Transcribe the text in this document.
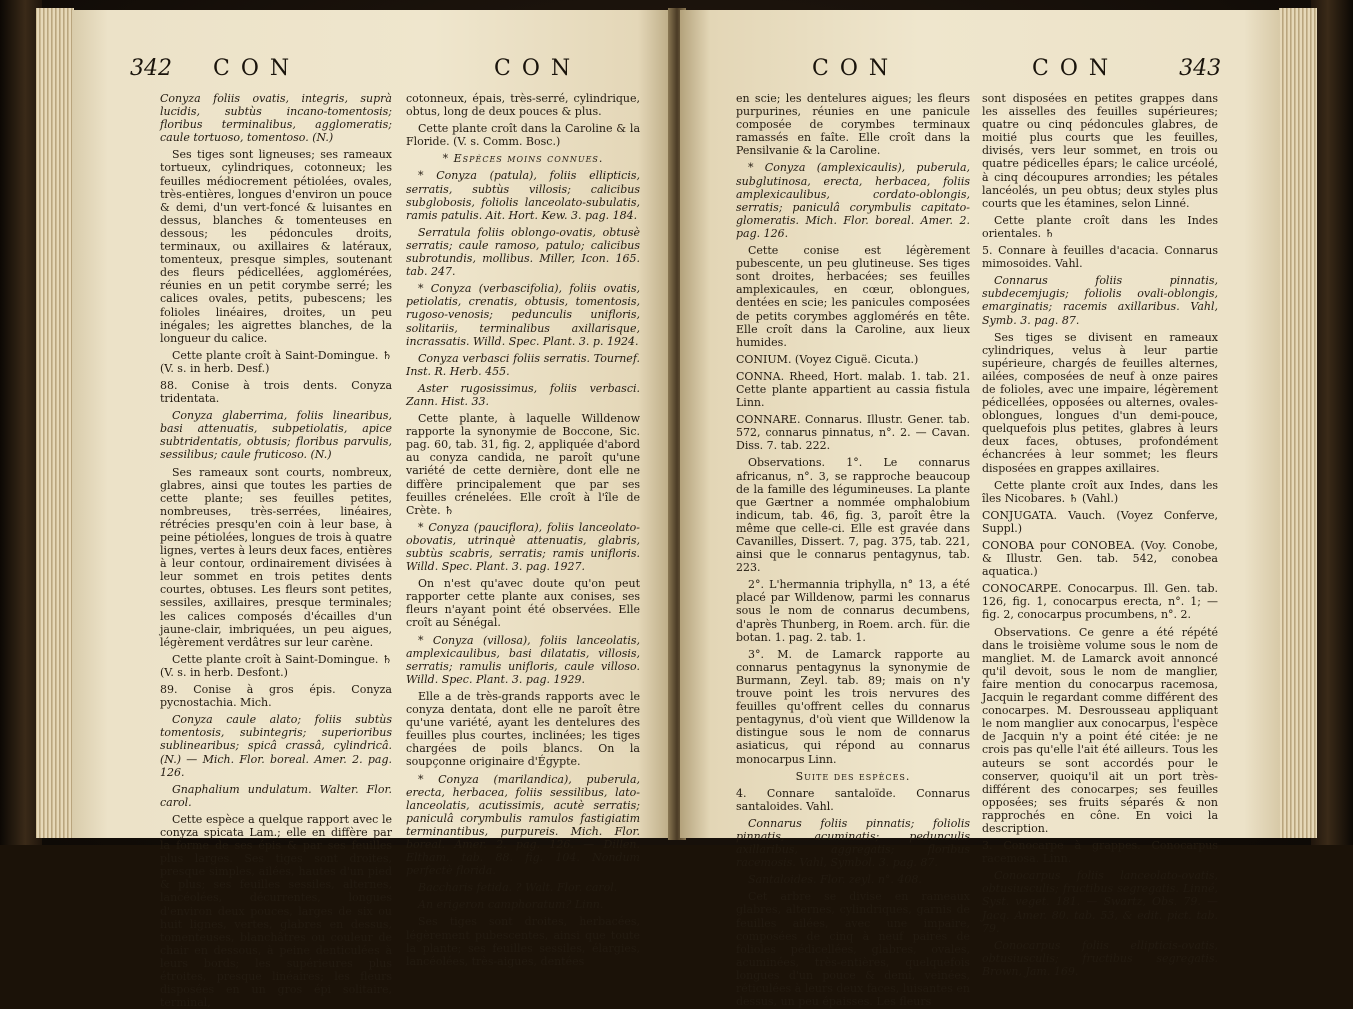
342 C O N	C O N

Conyza foliis ovatis, integris, suprà lucidis, subtùs incano-tomentosis; floribus terminalibus, agglomeratis; caule tortuoso, tomentoso. (N.)

Ses tiges sont ligneuses; ses rameaux tortueux, cylindriques, cotonneux; les feuilles médiocrement pétiolées, ovales, très-entières, longues d'environ un pouce & demi, d'un vert-foncé & luisantes en dessus, blanches & tomenteuses en dessous; les pédoncules droits, terminaux, ou axillaires & latéraux, tomenteux, presque simples, soutenant des fleurs pédicellées, agglomérées, réunies en un petit corymbe serré; les calices ovales, petits, pubescens; les folioles linéaires, droites, un peu inégales; les aigrettes blanches, de la longueur du calice.

Cette plante croît à Saint-Domingue. ♄ (V. s. in herb. Desf.)

88. Conise à trois dents. Conyza tridentata.

Conyza glaberrima, foliis linearibus, basi attenuatis, subpetiolatis, apice subtridentatis, obtusis; floribus parvulis, sessilibus; caule fruticoso. (N.)

Ses rameaux sont courts, nombreux, glabres, ainsi que toutes les parties de cette plante; ses feuilles petites, nombreuses, très-serrées, linéaires, rétrécies presqu'en coin à leur base, à peine pétiolées, longues de trois à quatre lignes, vertes à leurs deux faces, entières à leur contour, ordinairement divisées à leur sommet en trois petites dents courtes, obtuses. Les fleurs sont petites, sessiles, axillaires, presque terminales; les calices composés d'écailles d'un jaune-clair, imbriquées, un peu aigues, légèrement verdâtres sur leur carène.

Cette plante croît à Saint-Domingue. ♄ (V. s. in herb. Desfont.)

89. Conise à gros épis. Conyza pycnostachia. Mich.

Conyza caule alato; foliis subtùs tomentosis, subintegris; superioribus sublinearibus; spicâ crassâ, cylindricâ. (N.) — Mich. Flor. boreal. Amer. 2. pag. 126.

Gnaphalium undulatum. Walter. Flor. carol.

Cette espèce a quelque rapport avec le conyza spicata Lam.; elle en diffère par la forme de ses épis & par ses feuilles plus larges. Ses tiges sont droites, presque simples, ailées, hautes d'un pied & plus; ses feuilles sessiles, alternes, lancéolées, décurrentes, longues d'environ deux pouces, larges de six ou huit lignes, vertes, glabres en dessus, tomenteuses, blanchâtres ou couleur de chair en dessous, à peine denticulées à leurs bords; les supérieures plus étroites, presque linéaires; les fleurs disposées en un gros épi solitaire, terminal,

cotonneux, épais, très-serré, cylindrique, obtus, long de deux pouces & plus.

Cette plante croît dans la Caroline & la Floride. (V. s. Comm. Bosc.)

* Espèces moins connues.

* Conyza (patula), foliis ellipticis, serratis, subtùs villosis; calicibus subglobosis, foliolis lanceolato-subulatis, ramis patulis. Ait. Hort. Kew. 3. pag. 184.

Serratula foliis oblongo-ovatis, obtusè serratis; caule ramoso, patulo; calicibus subrotundis, mollibus. Miller, Icon. 165. tab. 247.

* Conyza (verbascifolia), foliis ovatis, petiolatis, crenatis, obtusis, tomentosis, rugoso-venosis; pedunculis unifloris, solitariis, terminalibus axillarisque, incrassatis. Willd. Spec. Plant. 3. p. 1924.

Conyza verbasci foliis serratis. Tournef. Inst. R. Herb. 455.

Aster rugosissimus, foliis verbasci. Zann. Hist. 33.

Cette plante, à laquelle Willdenow rapporte la synonymie de Boccone, Sic. pag. 60, tab. 31, fig. 2, appliquée d'abord au conyza candida, ne paroît qu'une variété de cette dernière, dont elle ne diffère principalement que par ses feuilles crénelées. Elle croît à l'île de Crète. ♄

* Conyza (pauciflora), foliis lanceolato-obovatis, utrinquè attenuatis, glabris, subtùs scabris, serratis; ramis unifloris. Willd. Spec. Plant. 3. pag. 1927.

On n'est qu'avec doute qu'on peut rapporter cette plante aux conises, ses fleurs n'ayant point été observées. Elle croît au Sénégal.

* Conyza (villosa), foliis lanceolatis, amplexicaulibus, basi dilatatis, villosis, serratis; ramulis unifloris, caule villoso. Willd. Spec. Plant. 3. pag. 1929.

Elle a de très-grands rapports avec le conyza dentata, dont elle ne paroît être qu'une variété, ayant les dentelures des feuilles plus courtes, inclinées; les tiges chargées de poils blancs. On la soupçonne originaire d'Égypte.

* Conyza (marilandica), puberula, erecta, herbacea, foliis sessilibus, lato-lanceolatis, acutissimis, acutè serratis; paniculâ corymbulis ramulos fastigiatim terminantibus, purpureis. Mich. Flor. boreal. Amer. 2. pag. 126. — Dillen. Eltham. tab. 88. fig. 104. Nondum perfectè florida.

Baccharis fetida. ? Walt. Flor. carol.

An erigeron camphoratum? Linn.

Ses tiges sont droites, herbacées, légèrement pubescentes, ainsi que toute la plante; ses feuilles sessiles, élargies, lancéolées, très-aigues, dentées

C O N	C O N	343

en scie; les dentelures aigues; les fleurs purpurines, réunies en une panicule composée de corymbes terminaux ramassés en faîte. Elle croît dans la Pensilvanie & la Caroline.

* Conyza (amplexicaulis), puberula, subglutinosa, erecta, herbacea, foliis amplexicaulibus, cordato-oblongis, serratis; paniculâ corymbulis capitato-glomeratis. Mich. Flor. boreal. Amer. 2. pag. 126.

Cette conise est légèrement pubescente, un peu glutineuse. Ses tiges sont droites, herbacées; ses feuilles amplexicaules, en cœur, oblongues, dentées en scie; les panicules composées de petits corymbes agglomérés en tête. Elle croît dans la Caroline, aux lieux humides.

CONIUM. (Voyez Ciguë. Cicuta.)

CONNA. Rheed, Hort. malab. 1. tab. 21. Cette plante appartient au cassia fistula Linn.

CONNARE. Connarus. Illustr. Gener. tab. 572, connarus pinnatus, n°. 2. — Cavan. Diss. 7. tab. 222.

Observations. 1°. Le connarus africanus, n°. 3, se rapproche beaucoup de la famille des légumineuses. La plante que Gærtner a nommée omphalobium indicum, tab. 46, fig. 3, paroît être la même que celle-ci. Elle est gravée dans Cavanilles, Dissert. 7, pag. 375, tab. 221, ainsi que le connarus pentagynus, tab. 223.

2°. L'hermannia triphylla, n° 13, a été placé par Willdenow, parmi les connarus sous le nom de connarus decumbens, d'après Thunberg, in Roem. arch. für. die botan. 1. pag. 2. tab. 1.

3°. M. de Lamarck rapporte au connarus pentagynus la synonymie de Burmann, Zeyl. tab. 89; mais on n'y trouve point les trois nervures des feuilles qu'offrent celles du connarus pentagynus, d'où vient que Willdenow la distingue sous le nom de connarus asiaticus, qui répond au connarus monocarpus Linn.

Suite des espèces.

4. Connare santaloïde. Connarus santaloides. Vahl.

Connarus foliis pinnatis; foliolis pinnatis, acuminatis; pedunculis axillaribus, aggregatis; floribus racemosis. Vahl, Symbol. 3. pag. 87.

Santaloides. Flor. zeyl. n°. 408.

Cet arbre se divise en rameaux glabres, alternes, cylindriques, garnis de feuilles ailées, avec une impaire, composées de cinq à neuf paires de folioles pédicellées, glabres, ovales, acuminées, très-entières, quelquefois longues d'un pouce & demi, veinées, réticulées à leurs deux faces, luisantes en dessus, un peu épaisses. Les fleurs

sont disposées en petites grappes dans les aisselles des feuilles supérieures; quatre ou cinq pédoncules glabres, de moitié plus courts que les feuilles, divisés, vers leur sommet, en trois ou quatre pédicelles épars; le calice urcéolé, à cinq découpures arrondies; les pétales lancéolés, un peu obtus; deux styles plus courts que les étamines, selon Linné.

Cette plante croît dans les Indes orientales. ♄

5. Connare à feuilles d'acacia. Connarus mimosoides. Vahl.

Connarus foliis pinnatis, subdecemjugis; foliolis ovali-oblongis, emarginatis; racemis axillaribus. Vahl, Symb. 3. pag. 87.

Ses tiges se divisent en rameaux cylindriques, velus à leur partie supérieure, chargés de feuilles alternes, ailées, composées de neuf à onze paires de folioles, avec une impaire, légèrement pédicellées, opposées ou alternes, ovales-oblongues, longues d'un demi-pouce, quelquefois plus petites, glabres à leurs deux faces, obtuses, profondément échancrées à leur sommet; les fleurs disposées en grappes axillaires.

Cette plante croît aux Indes, dans les îles Nicobares. ♄ (Vahl.)

CONJUGATA. Vauch. (Voyez Conferve, Suppl.)

CONOBA pour CONOBEA. (Voy. Conobe, & Illustr. Gen. tab. 542, conobea aquatica.)

CONOCARPE. Conocarpus. Ill. Gen. tab. 126, fig. 1, conocarpus erecta, n°. 1; — fig. 2, conocarpus procumbens, n°. 2.

Observations. Ce genre a été répété dans le troisième volume sous le nom de mangliet. M. de Lamarck avoit annoncé qu'il devoit, sous le nom de manglier, faire mention du conocarpus racemosa, Jacquin le regardant comme différent des conocarpes. M. Desrousseau appliquant le nom manglier aux conocarpus, l'espèce de Jacquin n'y a point été citée: je ne crois pas qu'elle l'ait été ailleurs. Tous les auteurs se sont accordés pour le conserver, quoiqu'il ait un port très-différent des conocarpes; ses feuilles opposées; ses fruits séparés & non rapprochés en cône. En voici la description.

3. Conocarpe à grappes. Conocarpus racemosa. Linn.

Conocarpus foliis lanceolato-ovatis, obtusiusculis; fructibus segregatis. Linné, Syst. veget. 181. — Swartz, Obs. 79. — Jacq. Amer. 80. tab. 53, & edit. pict. tab. 79.

Conocarpus foliis ellipticis-ovatis, obtusiusculis; fructibus segregatis. Brown, Jam. 169.
